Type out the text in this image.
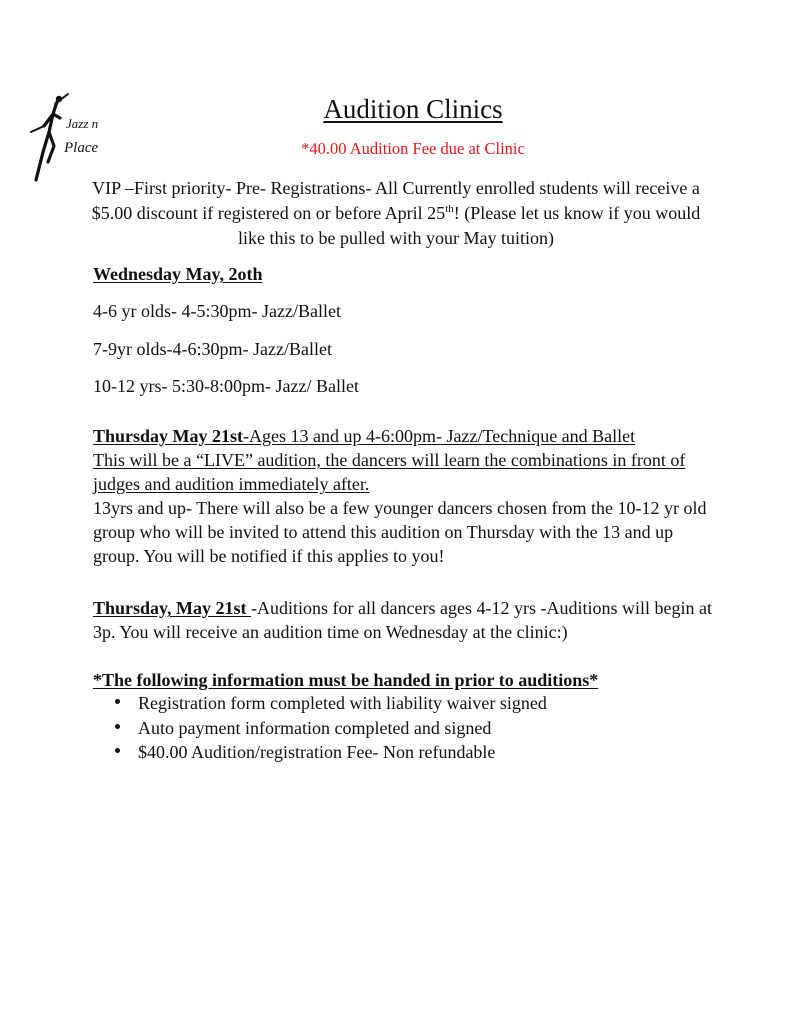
Jazz n
Place
Audition Clinics
*40.00 Audition Fee due at Clinic
VIP –First priority- Pre- Registrations- All Currently enrolled students will receive a $5.00 discount if registered on or before April 25th! (Please let us know if you would like this to be pulled with your May tuition)
Wednesday May, 2oth
4-6 yr olds- 4-5:30pm- Jazz/Ballet
7-9yr olds-4-6:30pm- Jazz/Ballet
10-12 yrs- 5:30-8:00pm- Jazz/ Ballet
Thursday May 21st-Ages 13 and up 4-6:00pm- Jazz/Technique and Ballet
This will be a “LIVE” audition, the dancers will learn the combinations in front of judges and audition immediately after.
13yrs and up- There will also be a few younger dancers chosen from the 10-12 yr old group who will be invited to attend this audition on Thursday with the 13 and up group. You will be notified if this applies to you!
Thursday, May 21st -Auditions for all dancers ages 4-12 yrs -Auditions will begin at 3p. You will receive an audition time on Wednesday at the clinic:)
*The following information must be handed in prior to auditions*
Registration form completed with liability waiver signed
Auto payment information completed and signed
$40.00 Audition/registration Fee- Non refundable
